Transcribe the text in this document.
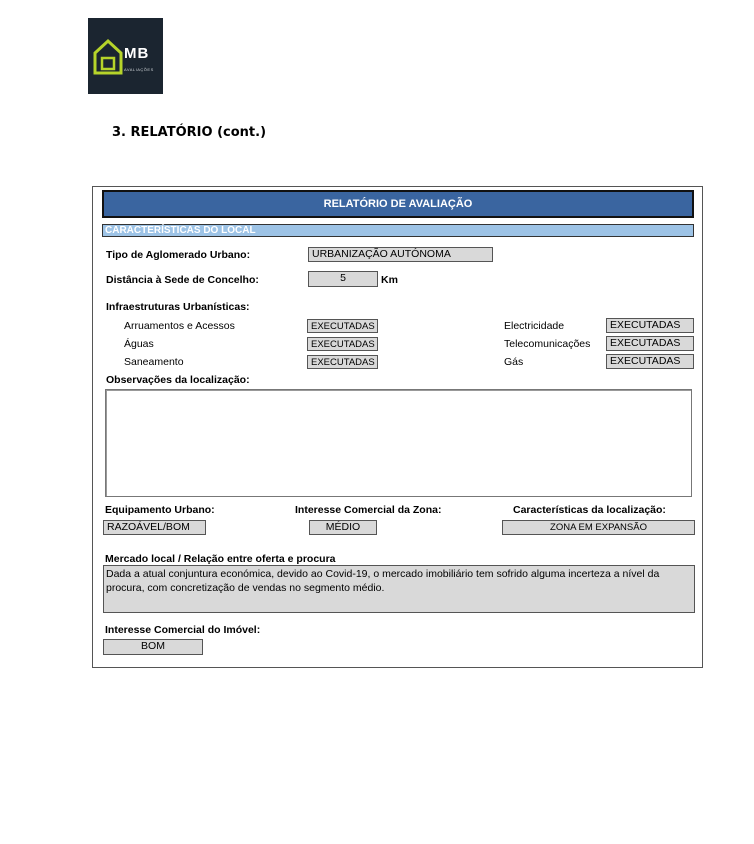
MB
AVALIAÇÕES
3. RELATÓRIO (cont.)
RELATÓRIO DE AVALIAÇÃO
CARACTERÍSTICAS DO LOCAL
Tipo de Aglomerado Urbano:	URBANIZAÇÃO AUTÓNOMA
Distância à Sede de Concelho:	5	Km
Infraestruturas Urbanísticas:
Arruamentos e Acessos	EXECUTADAS
Águas	EXECUTADAS
Saneamento	EXECUTADAS
Electricidade	EXECUTADAS
Telecomunicações	EXECUTADAS
Gás	EXECUTADAS
Observações da localização:
Equipamento Urbano:
RAZOÁVEL/BOM
Interesse Comercial da Zona:
MÉDIO
Características da localização:
ZONA EM EXPANSÃO
Mercado local / Relação entre oferta e procura
Dada a atual conjuntura económica, devido ao Covid-19, o mercado imobiliário tem sofrido alguma incerteza a nível da procura, com concretização de vendas no segmento médio.
Interesse Comercial do Imóvel:
BOM
